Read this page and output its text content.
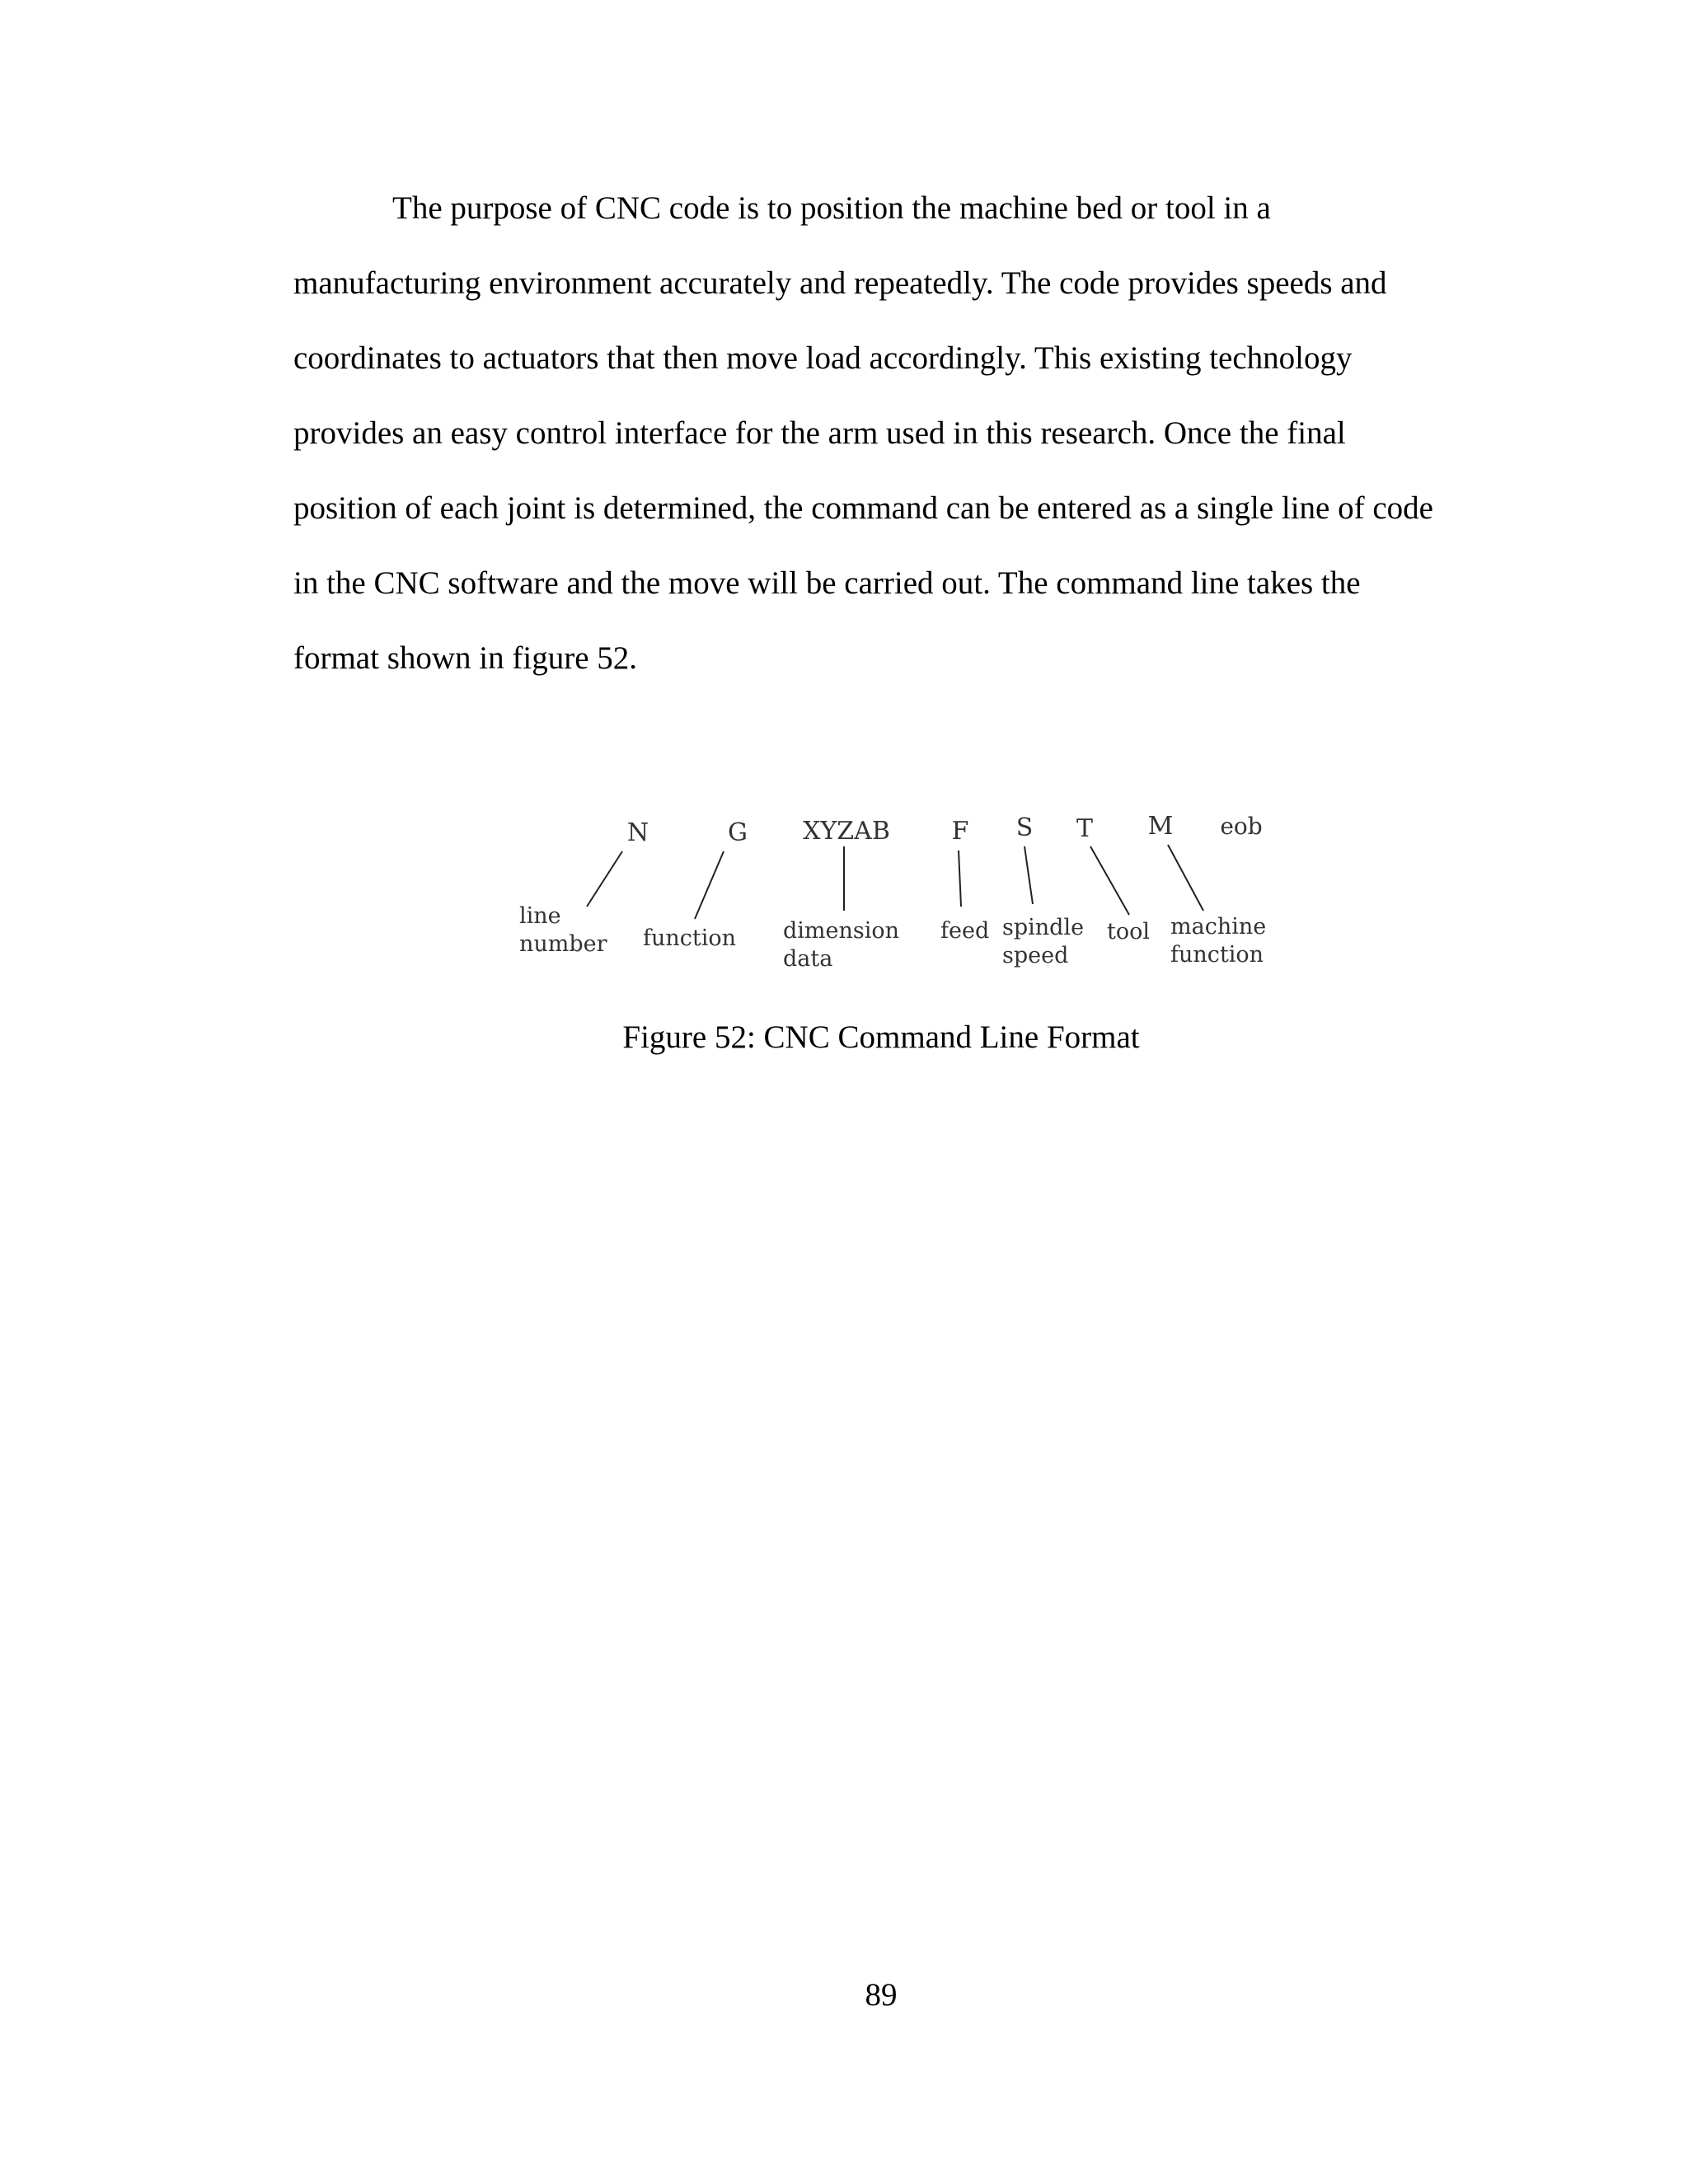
The purpose of CNC code is to position the machine bed or tool in a
manufacturing environment accurately and repeatedly. The code provides speeds and
coordinates to actuators that then move load accordingly. This existing technology
provides an easy control interface for the arm used in this research. Once the final
position of each joint is determined, the command can be entered as a single line of code
in the CNC software and the move will be carried out. The command line takes the
format shown in figure 52.
N	G XYZAB F S T M eob
line
number function dimension
data
feed spindle
speed
tool machine
function
Figure 52: CNC Command Line Format
89
